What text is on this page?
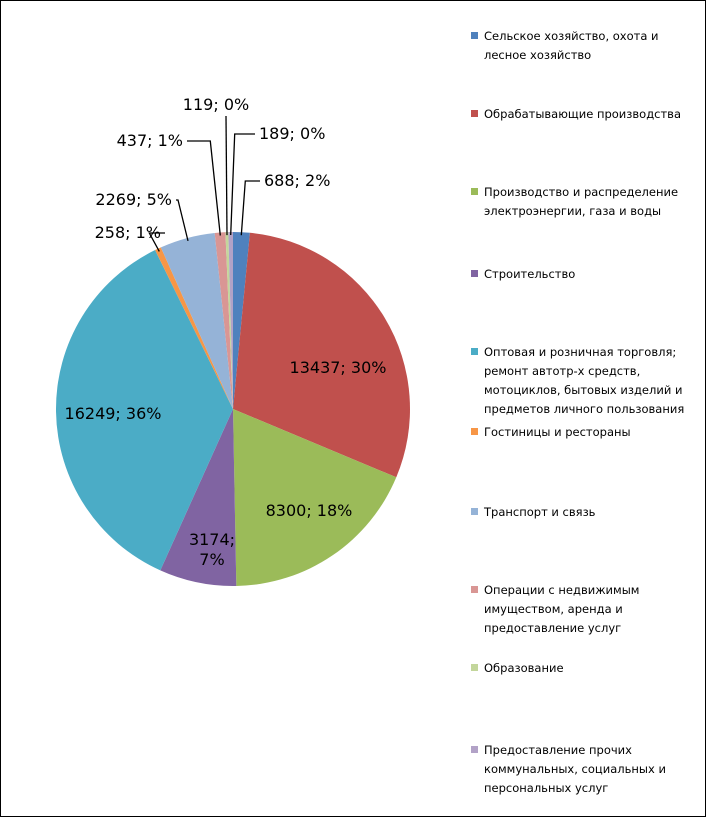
688; 2%
13437; 30%
8300; 18%
3174; 7%
16249; 36%
258; 1%
2269; 5%
437; 1%
119; 0%
189; 0%
Сельское хозяйство, охота и лесное хозяйство
Обрабатывающие производства
Производство и распределение электроэнергии, газа и воды
Строительство
Оптовая и розничная торговля; ремонт автотр-х средств, мотоциклов, бытовых изделий и предметов личного пользования
Гостиницы и рестораны
Транспорт и связь
Операции с недвижимым имуществом, аренда и предоставление услуг
Образование
Предоставление прочих коммунальных, социальных и персональных услуг
